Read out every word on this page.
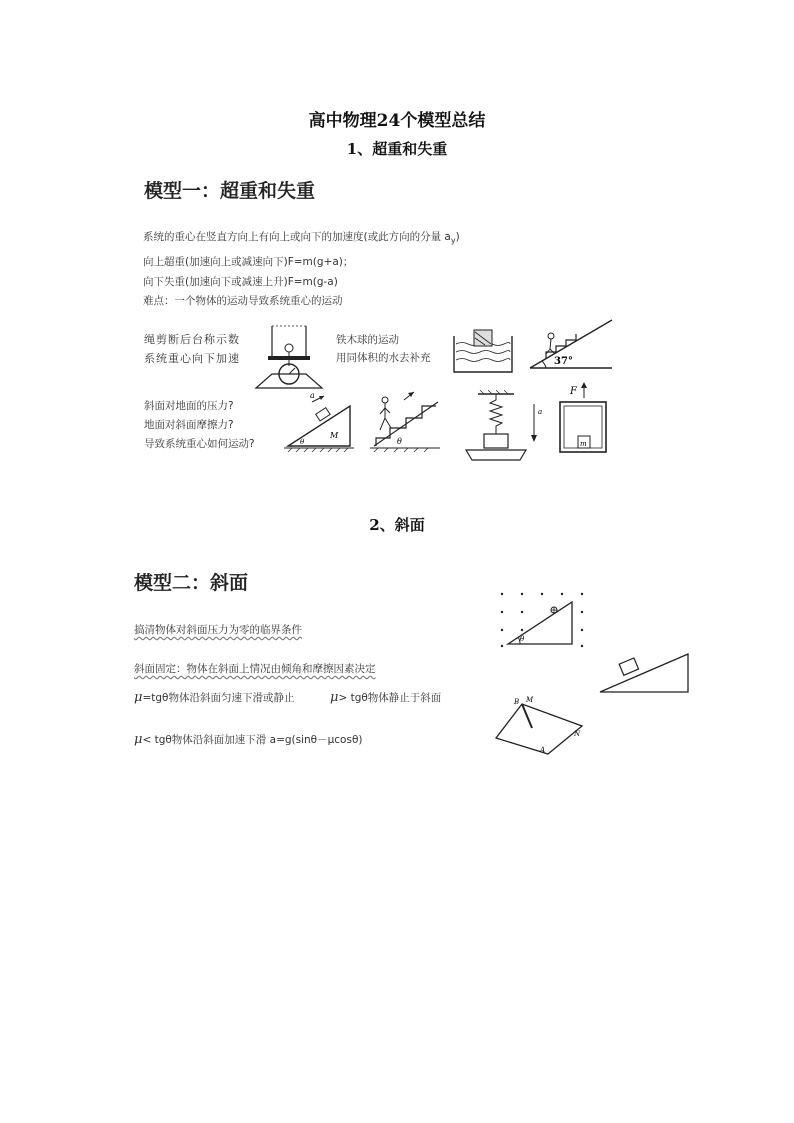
高中物理24个模型总结
1、超重和失重
模型一：超重和失重
系统的重心在竖直方向上有向上或向下的加速度(或此方向的分量 $a_y$)
向上超重(加速向上或减速向下)F=m(g+a)；
向下失重(加速向下或减速上升)F=m(g-a)
难点：一个物体的运动导致系统重心的运动
绳剪断后台称示数
系统重心向下加速
铁木球的运动
用同体积的水去补充
斜面对地面的压力?
地面对斜面摩擦力?
导致系统重心如何运动?
37°
a
M
θ	θ
a
F
m
2、斜面
模型二：斜面
搞清物体对斜面压力为零的临界条件
斜面固定：物体在斜面上情况由倾角和摩擦因素决定
μ=tgθ物体沿斜面匀速下滑或静止	μ> tgθ物体静止于斜面
μ< tgθ物体沿斜面加速下滑 a=g(sinθ－μcosθ)
θ
B M
N
A
